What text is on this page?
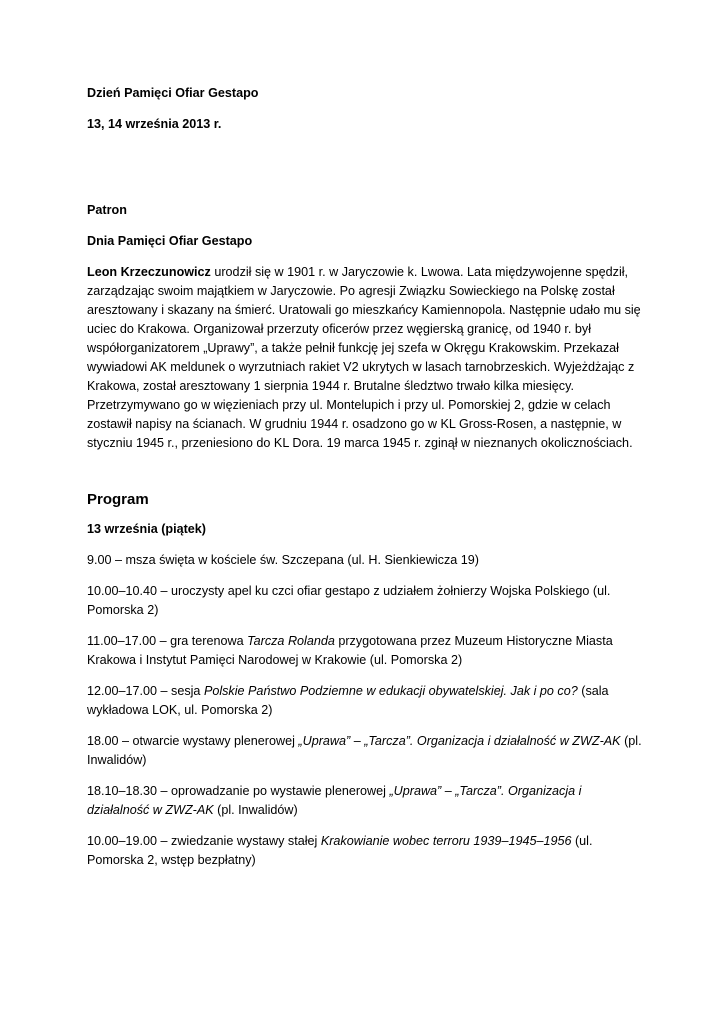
Dzień Pamięci Ofiar Gestapo

13, 14 września 2013 r.

Patron

Dnia Pamięci Ofiar Gestapo

Leon Krzeczunowicz urodził się w 1901 r. w Jaryczowie k. Lwowa. Lata międzywojenne spędził, zarządzając swoim majątkiem w Jaryczowie. Po agresji Związku Sowieckiego na Polskę został aresztowany i skazany na śmierć. Uratowali go mieszkańcy Kamiennopola. Następnie udało mu się uciec do Krakowa. Organizował przerzuty oficerów przez węgierską granicę, od 1940 r. był współorganizatorem „Uprawy”, a także pełnił funkcję jej szefa w Okręgu Krakowskim. Przekazał wywiadowi AK meldunek o wyrzutniach rakiet V2 ukrytych w lasach tarnobrzeskich. Wyjeżdżając z Krakowa, został aresztowany 1 sierpnia 1944 r. Brutalne śledztwo trwało kilka miesięcy. Przetrzymywano go w więzieniach przy ul. Montelupich i przy ul. Pomorskiej 2, gdzie w celach zostawił napisy na ścianach. W grudniu 1944 r. osadzono go w KL Gross-Rosen, a następnie, w styczniu 1945 r., przeniesiono do KL Dora. 19 marca 1945 r. zginął w nieznanych okolicznościach.

Program

13 września (piątek)

9.00 – msza święta w kościele św. Szczepana (ul. H. Sienkiewicza 19)

10.00–10.40 – uroczysty apel ku czci ofiar gestapo z udziałem żołnierzy Wojska Polskiego (ul. Pomorska 2)

11.00–17.00 – gra terenowa Tarcza Rolanda przygotowana przez Muzeum Historyczne Miasta Krakowa i Instytut Pamięci Narodowej w Krakowie (ul. Pomorska 2)

12.00–17.00 – sesja Polskie Państwo Podziemne w edukacji obywatelskiej. Jak i po co? (sala wykładowa LOK, ul. Pomorska 2)

18.00 – otwarcie wystawy plenerowej „Uprawa” – „Tarcza”. Organizacja i działalność w ZWZ-AK (pl. Inwalidów)

18.10–18.30 – oprowadzanie po wystawie plenerowej „Uprawa” – „Tarcza”. Organizacja i działalność w ZWZ-AK (pl. Inwalidów)

10.00–19.00 – zwiedzanie wystawy stałej Krakowianie wobec terroru 1939–1945–1956 (ul. Pomorska 2, wstęp bezpłatny)
